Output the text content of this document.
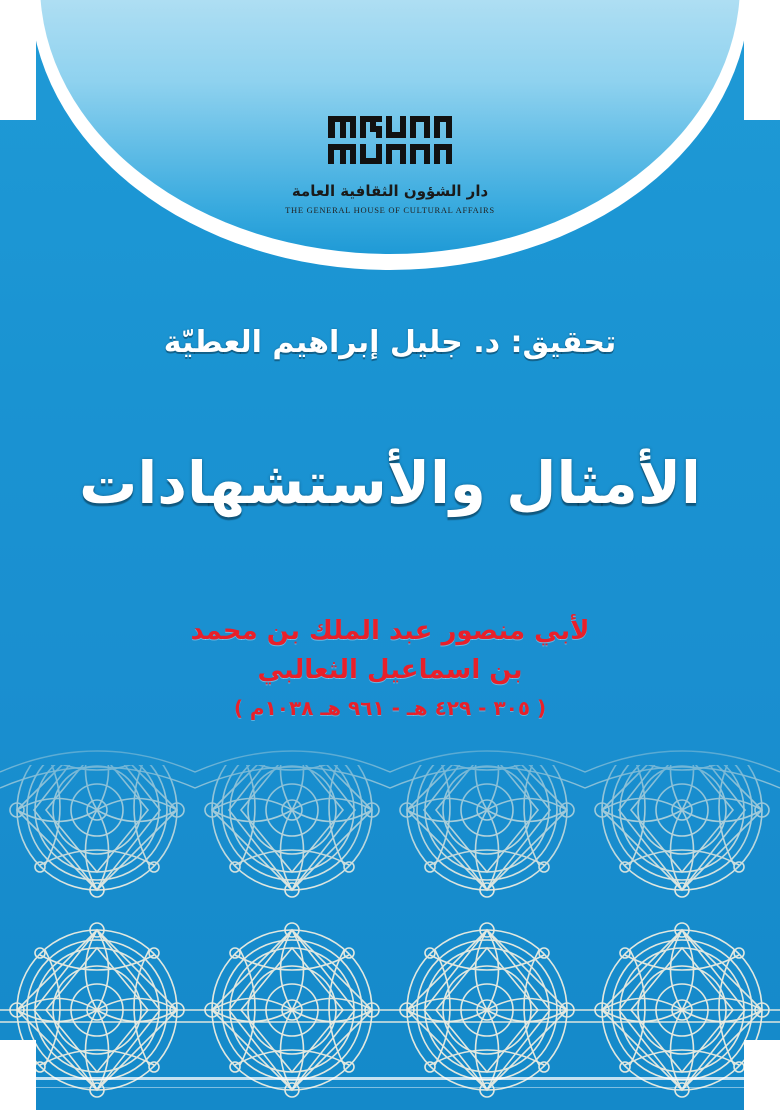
دار الشؤون الثقافية العامة
THE GENERAL HOUSE OF CULTURAL AFFAIRS
تحقيق: د. جليل إبراهيم العطيّة
الأمثال والأستشهادات
لأبي منصور عبد الملك بن محمد
بن اسماعيل الثعالبي
( ٣٠٥ - ٤٢٩ هـ - ٩٦١ هـ ١٠٣٨م )
